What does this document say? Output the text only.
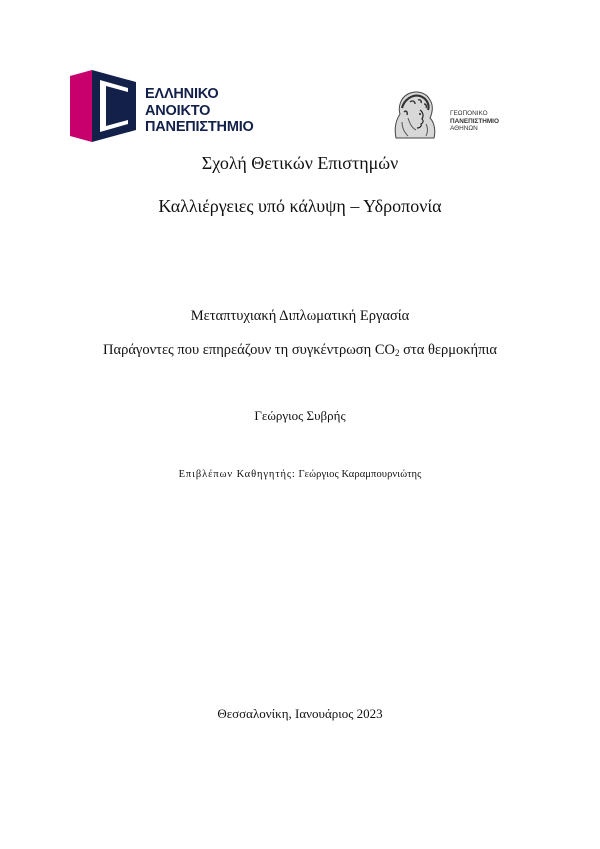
ΕΛΛΗΝΙΚΟ
ΑΝΟΙΚΤΟ
ΠΑΝΕΠΙΣΤΗΜΙΟ
ΓΕΩΠΟΝΙΚΟ
ΠΑΝΕΠΙΣΤΗΜΙΟ
ΑΘΗΝΩΝ
Σχολή Θετικών Επιστημών
Καλλιέργειες υπό κάλυψη – Υδροπονία
Μεταπτυχιακή Διπλωματική Εργασία
Παράγοντες που επηρεάζουν τη συγκέντρωση $CO_2$ στα θερμοκήπια
Γεώργιος Συβρής
Επιβλέπων Καθηγητής: Γεώργιος Καραμπουρνιώτης
Θεσσαλονίκη, Ιανουάριος 2023
